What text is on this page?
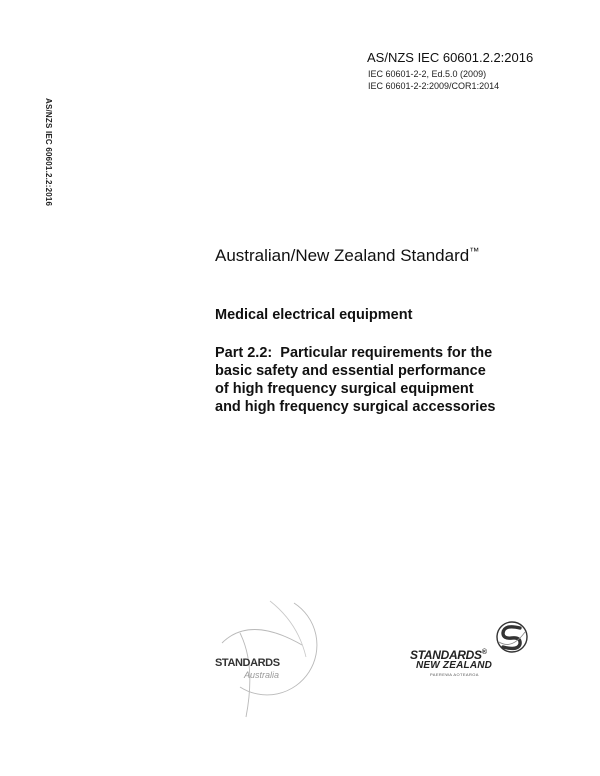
AS/NZS IEC 60601.2.2:2016
AS/NZS IEC 60601.2.2:2016
IEC 60601-2-2, Ed.5.0 (2009)
IEC 60601-2-2:2009/COR1:2014
Australian/New Zealand Standard™
Medical electrical equipment
Part 2.2:  Particular requirements for the
basic safety and essential performance
of high frequency surgical equipment
and high frequency surgical accessories
STANDARDS
Australia
STANDARDS®
NEW ZEALAND
PAEREWA AOTEAROA
